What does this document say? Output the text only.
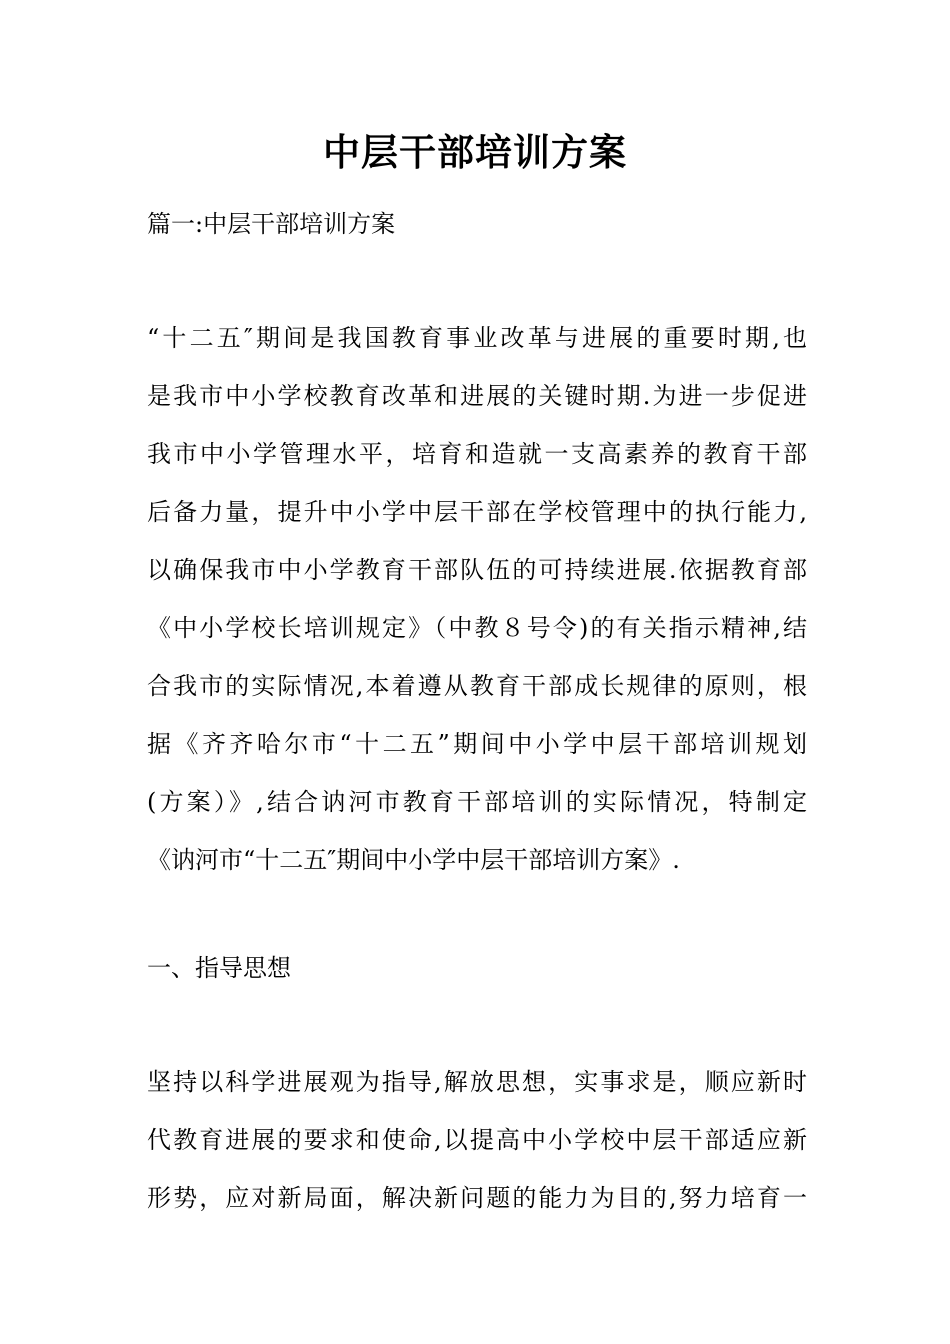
中层干部培训方案
篇一:中层干部培训方案
“十二五″期间是我国教育事业改革与进展的重要时期,也
是我市中小学校教育改革和进展的关键时期.为进一步促进
我市中小学管理水平，培育和造就一支高素养的教育干部
后备力量，提升中小学中层干部在学校管理中的执行能力,
以确保我市中小学教育干部队伍的可持续进展.依据教育部
《中小学校长培训规定》（中教８号令)的有关指示精神,结
合我市的实际情况,本着遵从教育干部成长规律的原则，根
据《齐齐哈尔市“十二五”期间中小学中层干部培训规划
(方案）》,结合讷河市教育干部培训的实际情况，特制定
《讷河市“十二五″期间中小学中层干部培训方案》.
一、指导思想
坚持以科学进展观为指导,解放思想，实事求是，顺应新时
代教育进展的要求和使命,以提高中小学校中层干部适应新
形势，应对新局面，解决新问题的能力为目的,努力培育一
